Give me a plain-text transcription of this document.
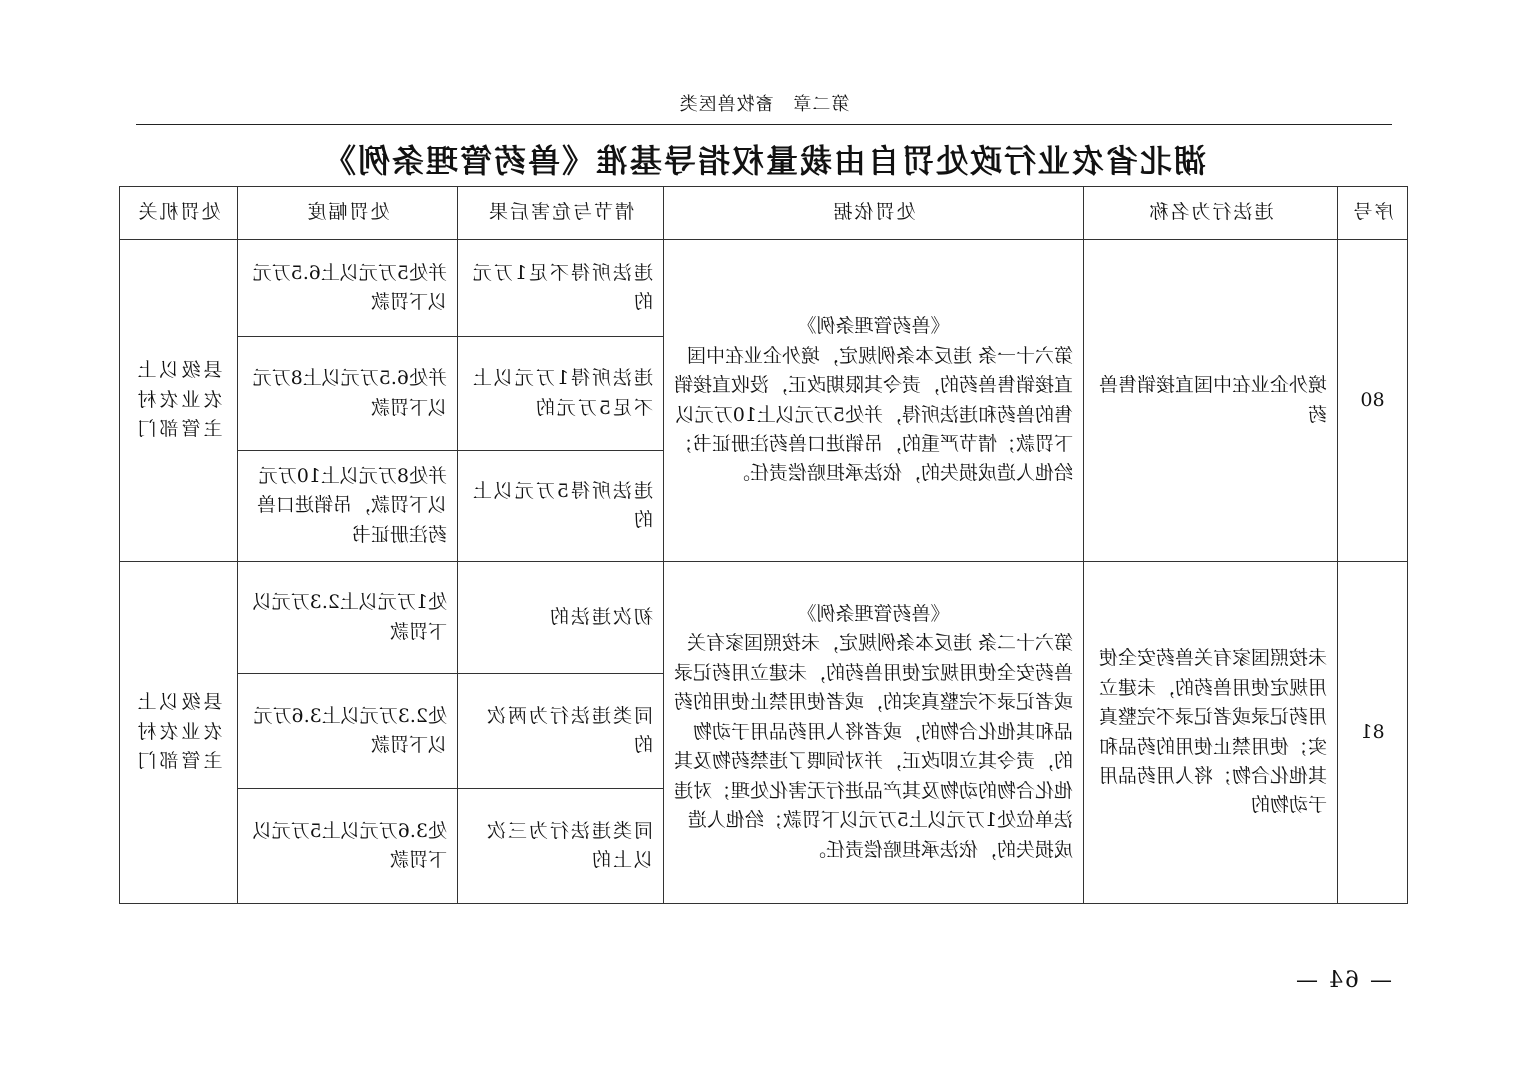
第二章 畜牧兽医类
湖北省农业行政处罚自由裁量权指导基准《兽药管理条例》
序号	违法行为名称	处罚依据	情节与危害后果	处罚幅度	处罚机关
80	境外企业在中国直接销售兽药	《兽药管理条例》
第六十一条 违反本条例规定，境外企业在中国直接销售兽药的，责令其限期改正，没收直接销售的兽药和违法所得，并处5万元以上10万元以下罚款；情节严重的，吊销进口兽药注册证书；给他人造成损失的，依法承担赔偿责任。	违法所得不足1万元的	并处5万元以上6.5万元以下罚款	县级以上农业农村主管部门
			违法所得1万元以上不足5万元的	并处6.5万元以上8万元以下罚款	
			违法所得5万元以上的	并处8万元以上10万元以下罚款，吊销进口兽药注册证书	
81	未按照国家有关兽药安全使用规定使用兽药的，未建立用药记录或者记录不完整真实；使用禁止使用的药品和其他化合物；将人用药品用于动物的	《兽药管理条例》
第六十二条 违反本条例规定，未按照国家有关兽药安全使用规定使用兽药的，未建立用药记录或者记录不完整真实的，或者使用禁止使用的药品和其他化合物的，或者将人用药品用于动物的，责令其立即改正，并对饲喂了违禁药物及其他化合物的动物及其产品进行无害化处理；对违法单位处1万元以上5万元以下罚款；给他人造成损失的，依法承担赔偿责任。	初次违法的	处1万元以上2.3万元以下罚款	县级以上农业农村主管部门
			同类违法行为两次的	处2.3万元以上3.6万元以下罚款	
			同类违法行为三次以上的	处3.6万元以上5万元以下罚款	
— 64 —
